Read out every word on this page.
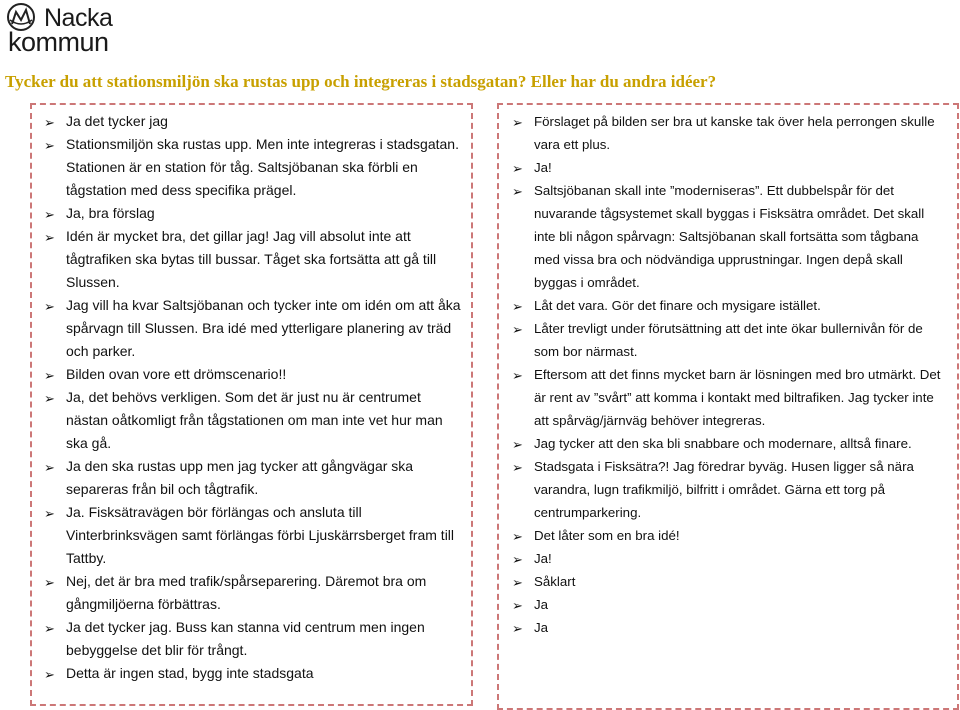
Nacka
kommun
Tycker du att stationsmiljön ska rustas upp och integreras i stadsgatan? Eller har du andra idéer?
➢ Ja det tycker jag
➢ Stationsmiljön ska rustas upp. Men inte integreras i stadsgatan. Stationen är en station för tåg. Saltsjöbanan ska förbli en tågstation med dess specifika prägel.
➢ Ja, bra förslag
➢ Idén är mycket bra, det gillar jag! Jag vill absolut inte att tågtrafiken ska bytas till bussar. Tåget ska fortsätta att gå till Slussen.
➢ Jag vill ha kvar Saltsjöbanan och tycker inte om idén om att åka spårvagn till Slussen. Bra idé med ytterligare planering av träd och parker.
➢ Bilden ovan vore ett drömscenario!!
➢ Ja, det behövs verkligen. Som det är just nu är centrumet nästan oåtkomligt från tågstationen om man inte vet hur man ska gå.
➢ Ja den ska rustas upp men jag tycker att gångvägar ska separeras från bil och tågtrafik.
➢ Ja. Fisksätravägen bör förlängas och ansluta till Vinterbrinksvägen samt förlängas förbi Ljuskärrsberget fram till Tattby.
➢ Nej, det är bra med trafik/spårseparering. Däremot bra om gångmiljöerna förbättras.
➢ Ja det tycker jag. Buss kan stanna vid centrum men ingen bebyggelse det blir för trångt.
➢ Detta är ingen stad, bygg inte stadsgata
➢ Förslaget på bilden ser bra ut kanske tak över hela perrongen skulle vara ett plus.
➢ Ja!
➢ Saltsjöbanan skall inte ”moderniseras”. Ett dubbelspår för det nuvarande tågsystemet skall byggas i Fisksätra området. Det skall inte bli någon spårvagn: Saltsjöbanan skall fortsätta som tågbana med vissa bra och nödvändiga upprustningar. Ingen depå skall byggas i området.
➢ Låt det vara. Gör det finare och mysigare istället.
➢ Låter trevligt under förutsättning att det inte ökar bullernivån för de som bor närmast.
➢ Eftersom att det finns mycket barn är lösningen med bro utmärkt. Det är rent av ”svårt” att komma i kontakt med biltrafiken. Jag tycker inte att spårväg/järnväg behöver integreras.
➢ Jag tycker att den ska bli snabbare och modernare, alltså finare.
➢ Stadsgata i Fisksätra?! Jag föredrar byväg. Husen ligger så nära varandra, lugn trafikmiljö, bilfritt i området. Gärna ett torg på centrumparkering.
➢ Det låter som en bra idé!
➢ Ja!
➢ Såklart
➢ Ja
➢ Ja
